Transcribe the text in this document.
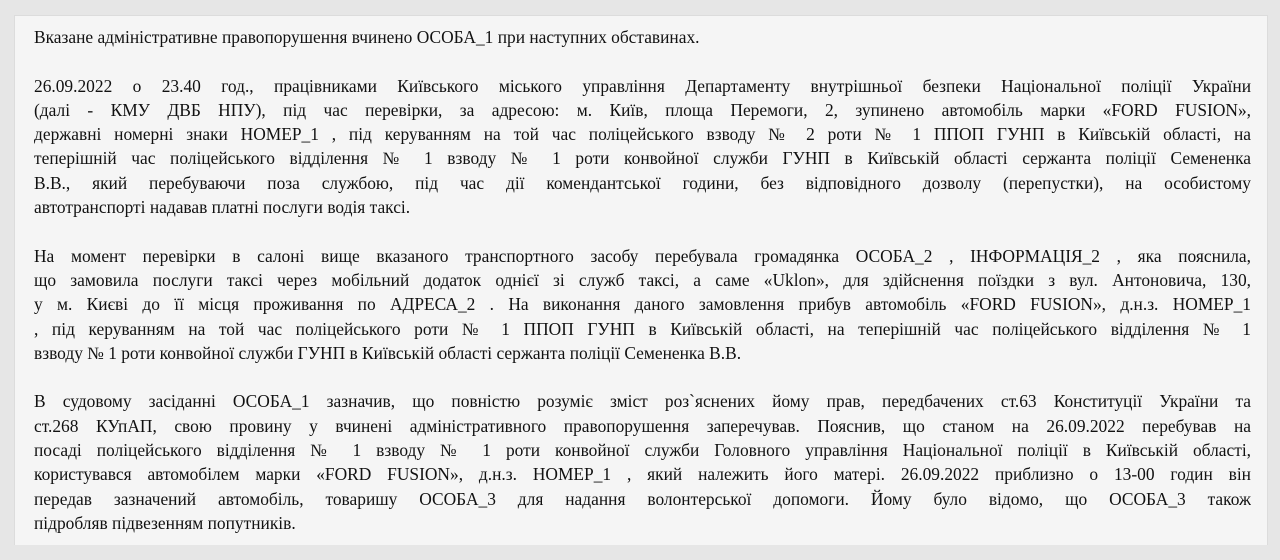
Вказане адміністративне правопорушення вчинено ОСОБА_1 при наступних обставинах.
26.09.2022 о 23.40 год., працівниками Київського міського управління Департаменту внутрішньої безпеки Національної поліції України
(далі - КМУ ДВБ НПУ), під час перевірки, за адресою: м. Київ, площа Перемоги, 2, зупинено автомобіль марки «FORD FUSION»,
державні номерні знаки НОМЕР_1 , під керуванням на той час поліцейського взводу № 2 роти № 1 ППОП ГУНП в Київській області, на
теперішній час поліцейського відділення № 1 взводу № 1 роти конвойної служби ГУНП в Київській області сержанта поліції Семененка
В.В., який перебуваючи поза службою, під час дії комендантської години, без відповідного дозволу (перепустки), на особистому
автотранспорті надавав платні послуги водія таксі.
На момент перевірки в салоні вище вказаного транспортного засобу перебувала громадянка ОСОБА_2 , ІНФОРМАЦІЯ_2 , яка пояснила,
що замовила послуги таксі через мобільний додаток однієї зі служб таксі, а саме «Uklon», для здійснення поїздки з вул. Антоновича, 130,
у м. Києві до її місця проживання по АДРЕСА_2 . На виконання даного замовлення прибув автомобіль «FORD FUSION», д.н.з. НОМЕР_1
, під керуванням на той час поліцейського роти № 1 ППОП ГУНП в Київській області, на теперішній час поліцейського відділення № 1
взводу № 1 роти конвойної служби ГУНП в Київській області сержанта поліції Семененка В.В.
В судовому засіданні ОСОБА_1 зазначив, що повністю розуміє зміст роз`яснених йому прав, передбачених ст.63 Конституції України та
ст.268 КУпАП, свою провину у вчинені адміністративного правопорушення заперечував. Пояснив, що станом на 26.09.2022 перебував на
посаді поліцейського відділення № 1 взводу № 1 роти конвойної служби Головного управління Національної поліції в Київській області,
користувався автомобілем марки «FORD FUSION», д.н.з. НОМЕР_1 , який належить його матері. 26.09.2022 приблизно о 13-00 годин він
передав зазначений автомобіль, товаришу ОСОБА_3 для надання волонтерської допомоги. Йому було відомо, що ОСОБА_3 також
підробляв підвезенням попутників.
